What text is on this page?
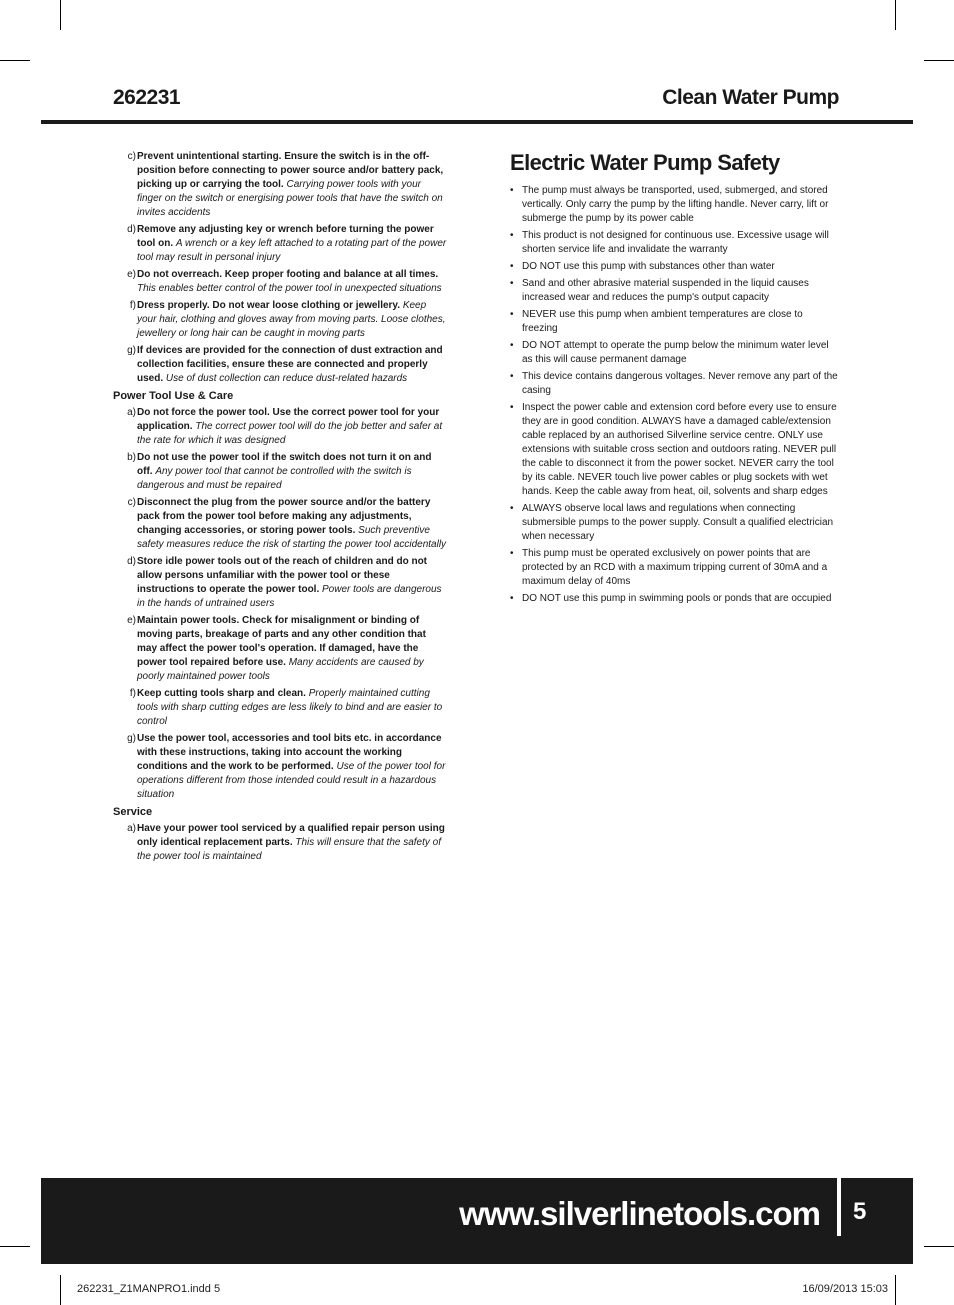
262231	Clean Water Pump
c) Prevent unintentional starting. Ensure the switch is in the off-position before connecting to power source and/or battery pack, picking up or carrying the tool. Carrying power tools with your finger on the switch or energising power tools that have the switch on invites accidents
d) Remove any adjusting key or wrench before turning the power tool on. A wrench or a key left attached to a rotating part of the power tool may result in personal injury
e) Do not overreach. Keep proper footing and balance at all times. This enables better control of the power tool in unexpected situations
f) Dress properly. Do not wear loose clothing or jewellery. Keep your hair, clothing and gloves away from moving parts. Loose clothes, jewellery or long hair can be caught in moving parts
g) If devices are provided for the connection of dust extraction and collection facilities, ensure these are connected and properly used. Use of dust collection can reduce dust-related hazards
Power Tool Use & Care
a) Do not force the power tool. Use the correct power tool for your application. The correct power tool will do the job better and safer at the rate for which it was designed
b) Do not use the power tool if the switch does not turn it on and off. Any power tool that cannot be controlled with the switch is dangerous and must be repaired
c) Disconnect the plug from the power source and/or the battery pack from the power tool before making any adjustments, changing accessories, or storing power tools. Such preventive safety measures reduce the risk of starting the power tool accidentally
d) Store idle power tools out of the reach of children and do not allow persons unfamiliar with the power tool or these instructions to operate the power tool. Power tools are dangerous in the hands of untrained users
e) Maintain power tools. Check for misalignment or binding of moving parts, breakage of parts and any other condition that may affect the power tool's operation. If damaged, have the power tool repaired before use. Many accidents are caused by poorly maintained power tools
f) Keep cutting tools sharp and clean. Properly maintained cutting tools with sharp cutting edges are less likely to bind and are easier to control
g) Use the power tool, accessories and tool bits etc. in accordance with these instructions, taking into account the working conditions and the work to be performed. Use of the power tool for operations different from those intended could result in a hazardous situation
Service
a) Have your power tool serviced by a qualified repair person using only identical replacement parts. This will ensure that the safety of the power tool is maintained
Electric Water Pump Safety
• The pump must always be transported, used, submerged, and stored vertically. Only carry the pump by the lifting handle. Never carry, lift or submerge the pump by its power cable
• This product is not designed for continuous use. Excessive usage will shorten service life and invalidate the warranty
• DO NOT use this pump with substances other than water
• Sand and other abrasive material suspended in the liquid causes increased wear and reduces the pump's output capacity
• NEVER use this pump when ambient temperatures are close to freezing
• DO NOT attempt to operate the pump below the minimum water level as this will cause permanent damage
• This device contains dangerous voltages. Never remove any part of the casing
• Inspect the power cable and extension cord before every use to ensure they are in good condition. ALWAYS have a damaged cable/extension cable replaced by an authorised Silverline service centre. ONLY use extensions with suitable cross section and outdoors rating. NEVER pull the cable to disconnect it from the power socket. NEVER carry the tool by its cable. NEVER touch live power cables or plug sockets with wet hands. Keep the cable away from heat, oil, solvents and sharp edges
• ALWAYS observe local laws and regulations when connecting submersible pumps to the power supply. Consult a qualified electrician when necessary
• This pump must be operated exclusively on power points that are protected by an RCD with a maximum tripping current of 30mA and a maximum delay of 40ms
• DO NOT use this pump in swimming pools or ponds that are occupied
www.silverlinetools.com 5
262231_Z1MANPRO1.indd 5	16/09/2013 15:03
